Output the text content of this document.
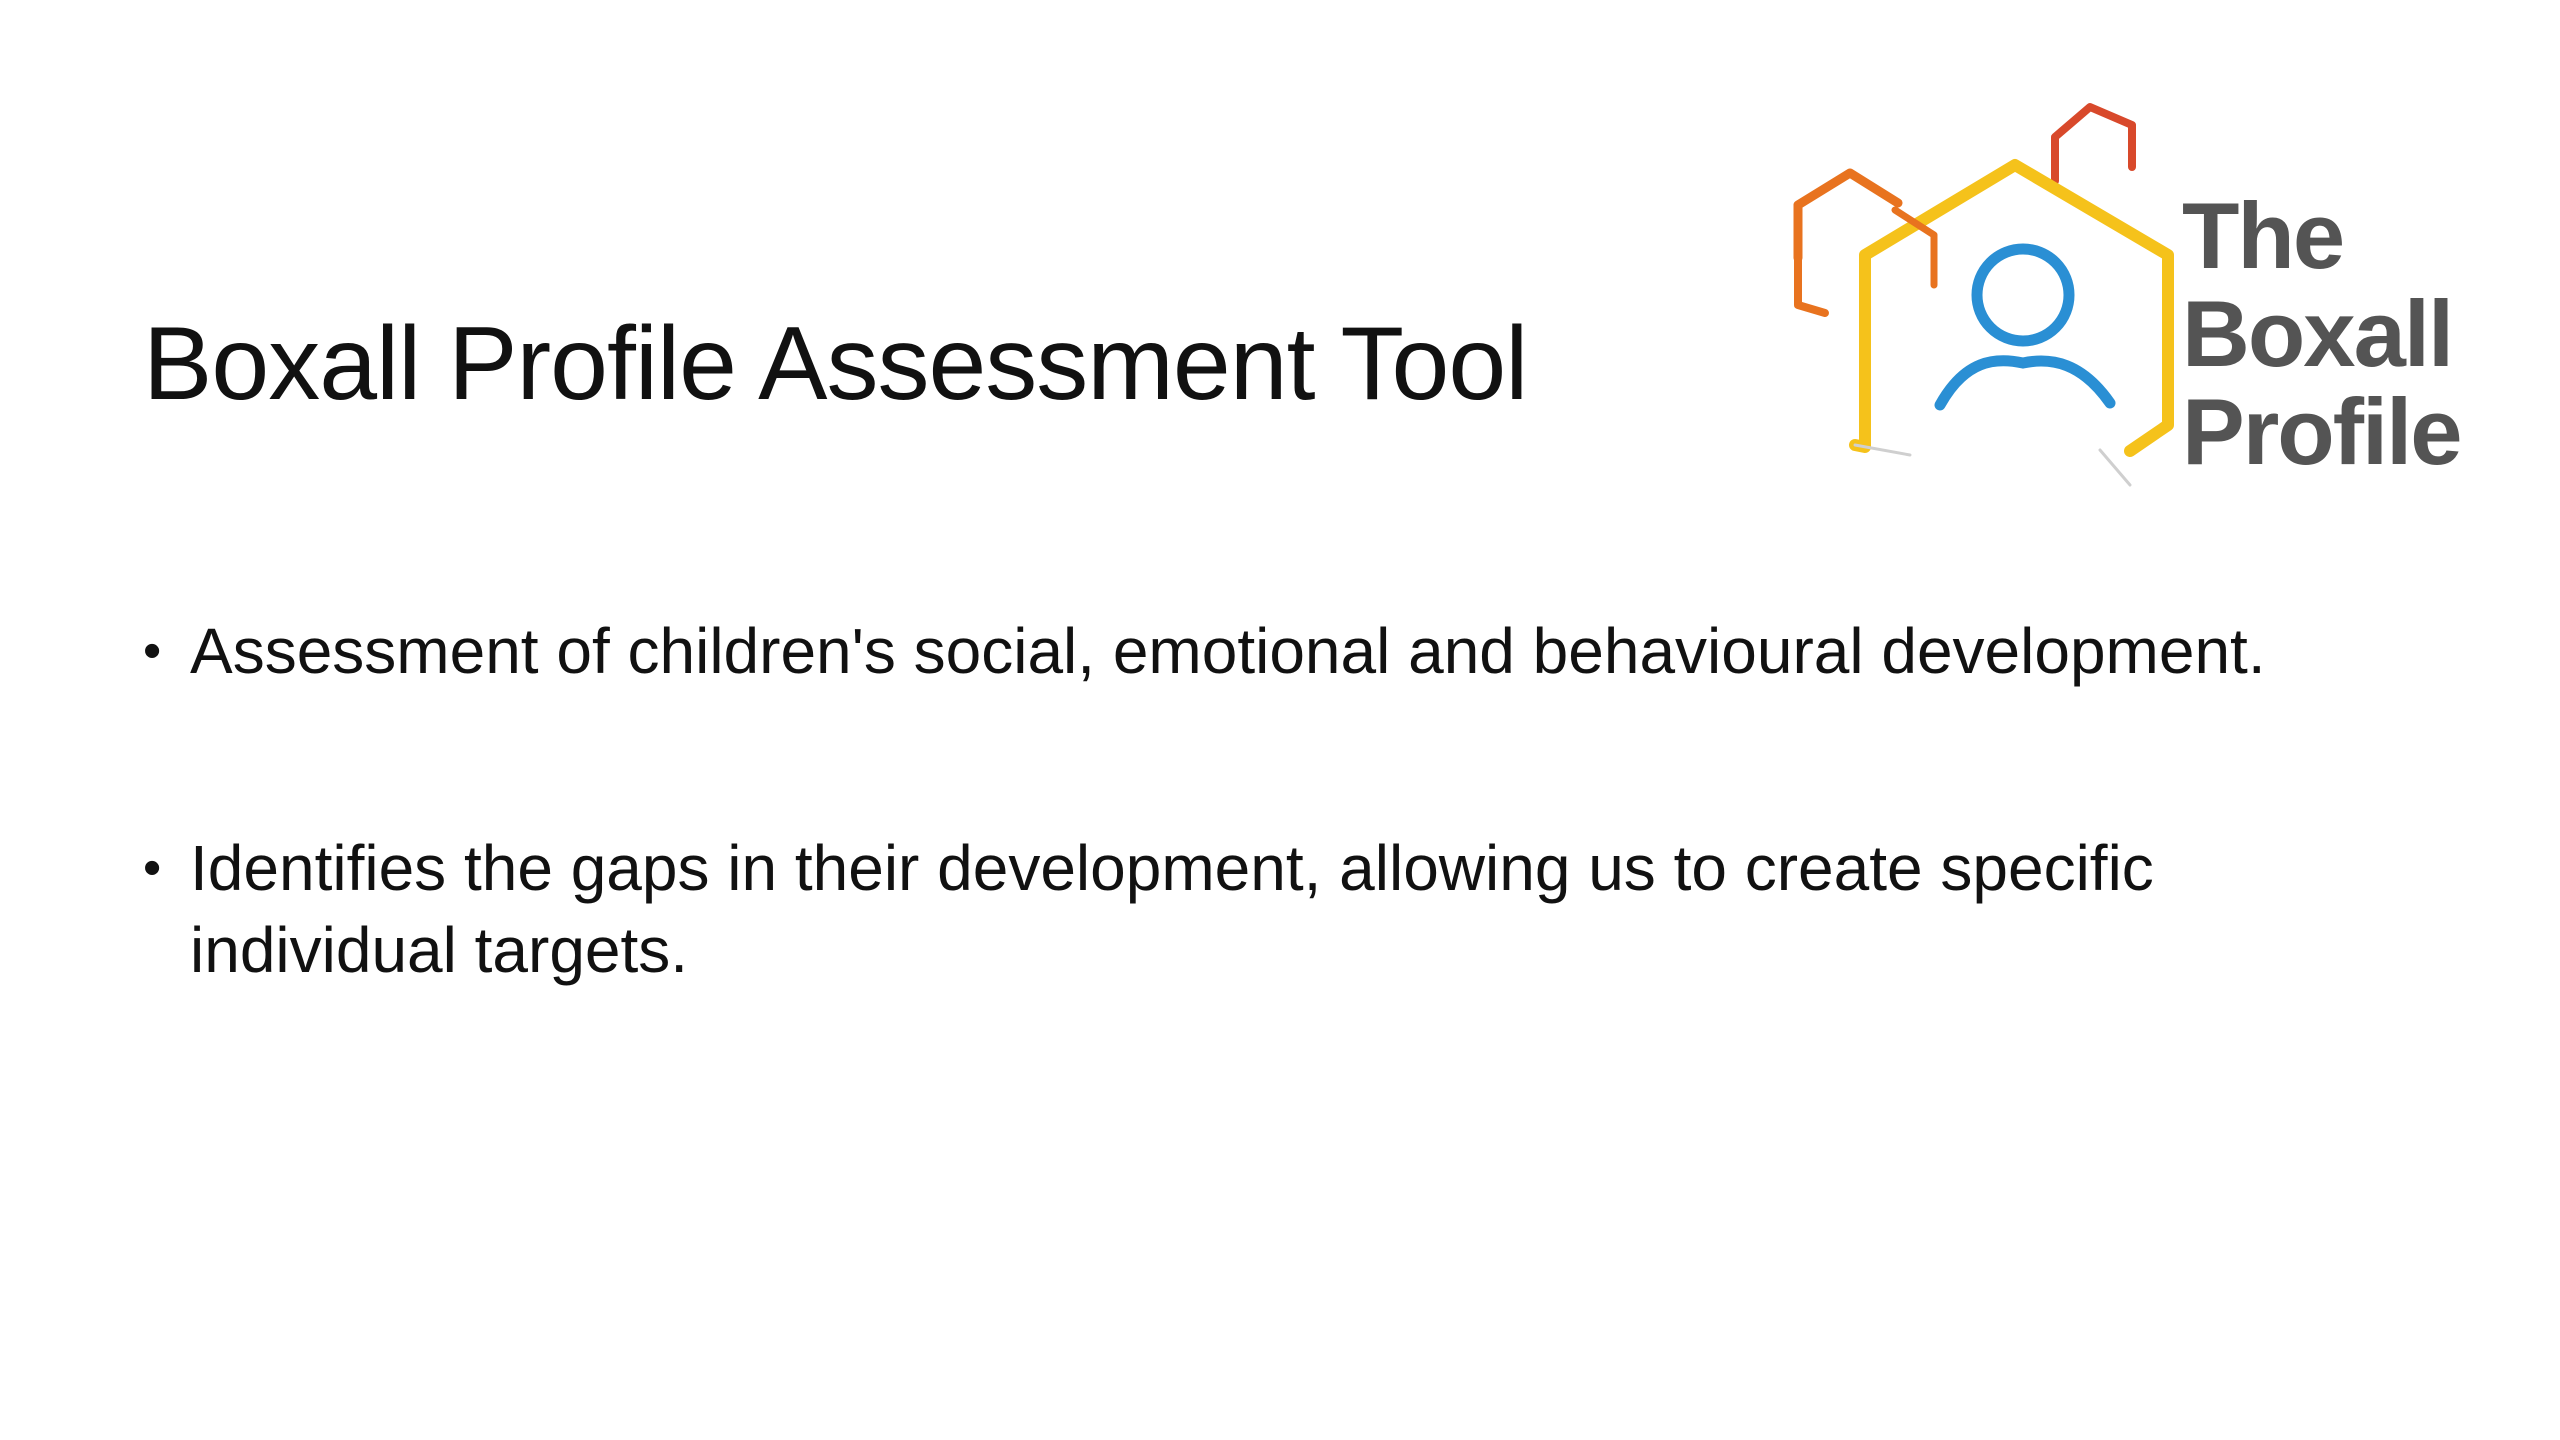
Boxall Profile Assessment Tool
The
Boxall
Profile
• Assessment of children's social, emotional and behavioural development.
• Identifies the gaps in their development, allowing us to create specific individual targets.
